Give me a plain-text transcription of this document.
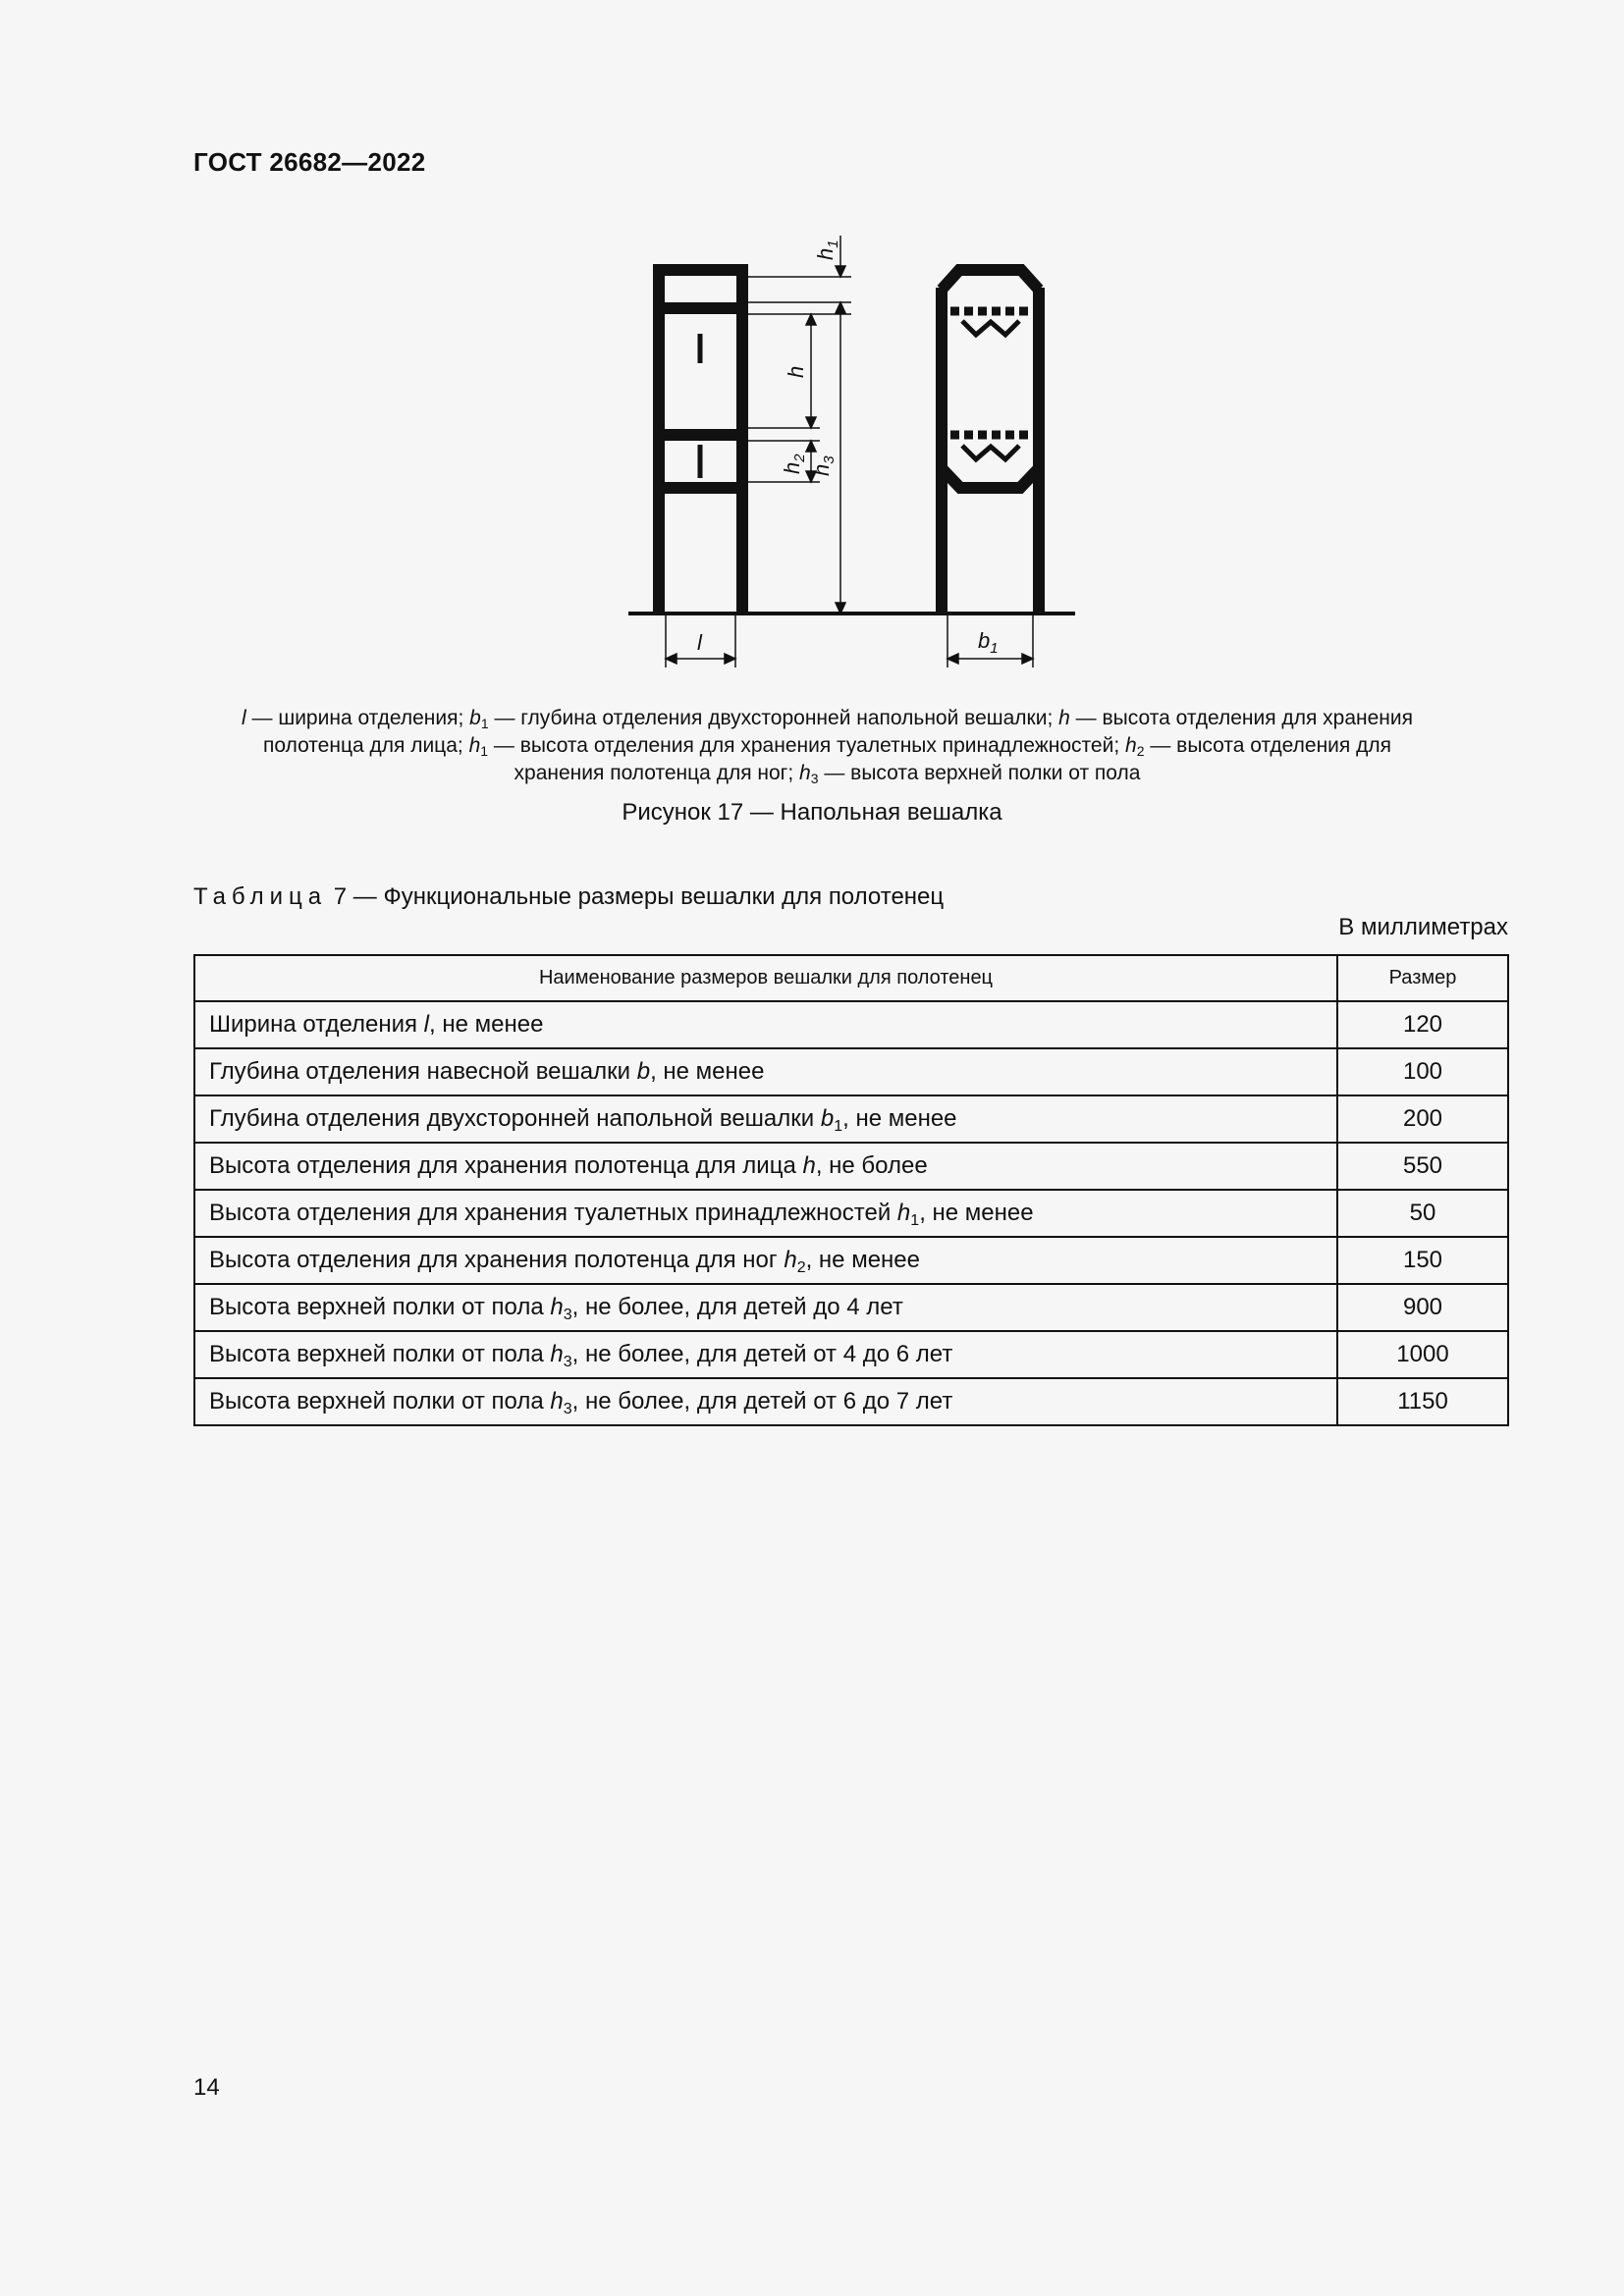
ГОСТ 26682—2022
$h_1$
h
$h_2$
$h_3$
l	$b_1$
l — ширина отделения; $b_1$ — глубина отделения двухсторонней напольной вешалки; h — высота отделения для хранения полотенца для лица; $h_1$ — высота отделения для хранения туалетных принадлежностей; $h_2$ — высота отделения для хранения полотенца для ног; $h_3$ — высота верхней полки от пола
Рисунок 17 — Напольная вешалка
Таблица 7 — Функциональные размеры вешалки для полотенец
В миллиметрах
Наименование размеров вешалки для полотенец	Размер
Ширина отделения l, не менее	120
Глубина отделения навесной вешалки b, не менее	100
Глубина отделения двухсторонней напольной вешалки $b_1$, не менее	200
Высота отделения для хранения полотенца для лица h, не более	550
Высота отделения для хранения туалетных принадлежностей $h_1$, не менее	50
Высота отделения для хранения полотенца для ног $h_2$, не менее	150
Высота верхней полки от пола $h_3$, не более, для детей до 4 лет	900
Высота верхней полки от пола $h_3$, не более, для детей от 4 до 6 лет	1000
Высота верхней полки от пола $h_3$, не более, для детей от 6 до 7 лет	1150
14
